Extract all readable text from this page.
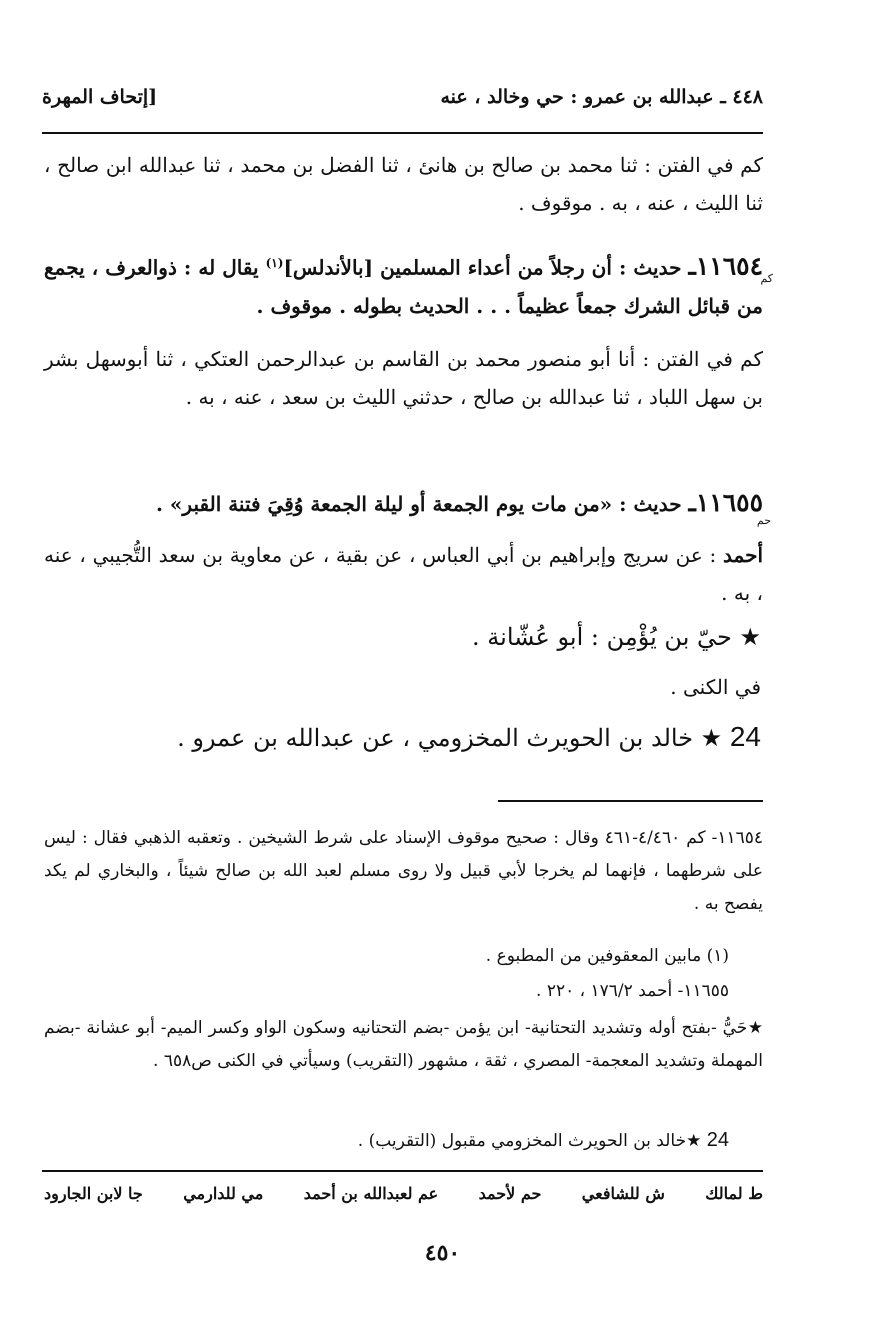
٤٤٨ ـ عبدالله بن عمرو : حي وخالد ، عنه
[إتحاف المهرة
كم في الفتن : ثنا محمد بن صالح بن هانئ ، ثنا الفضل بن محمد ، ثنا عبدالله ابن صالح ، ثنا الليث ، عنه ، به . موقوف .
١١٦٥٤ـ حديث : أن رجلاً من أعداء المسلمين [بالأندلس]$^{(١)}$ يقال له : ذوالعرف ، يجمع من قبائل الشرك جمعاً عظيماً . . . الحديث بطوله . موقوف .
كم
كم في الفتن : أنا أبو منصور محمد بن القاسم بن عبدالرحمن العتكي ، ثنا أبوسهل بشر بن سهل اللباد ، ثنا عبدالله بن صالح ، حدثني الليث بن سعد ، عنه ، به .
١١٦٥٥ـ حديث : «من مات يوم الجمعة أو ليلة الجمعة وُقِيَ فتنة القبر» .
حم
أحمد : عن سريج وإبراهيم بن أبي العباس ، عن بقية ، عن معاوية بن سعد التُّجيبي ، عنه ، به .
★ حيّ بن يُؤْمِن : أبو عُشّانة .
في الكنى .
24 ★ خالد بن الحويرث المخزومي ، عن عبدالله بن عمرو .
١١٦٥٤- كم ٤/٤٦٠-٤٦١ وقال : صحيح موقوف الإسناد على شرط الشيخين . وتعقبه الذهبي فقال : ليس على شرطهما ، فإنهما لم يخرجا لأبي قبيل ولا روى مسلم لعبد الله بن صالح شيئاً ، والبخاري لم يكد يفصح به .
(١) مابين المعقوفين من المطبوع .
١١٦٥٥- أحمد ١٧٦/٢ ، ٢٢٠ .
★حَيُّ -بفتح أوله وتشديد التحتانية- ابن يؤمن -بضم التحتانيه وسكون الواو وكسر الميم- أبو عشانة -بضم المهملة وتشديد المعجمة- المصري ، ثقة ، مشهور (التقريب) وسيأتي في الكنى ص٦٥٨ .
24 ★خالد بن الحويرث المخزومي مقبول (التقريب) .
ط لمالك
ش للشافعي
حم لأحمد
عم لعبدالله بن أحمد
مي للدارمي
جا لابن الجارود
٤٥٠
